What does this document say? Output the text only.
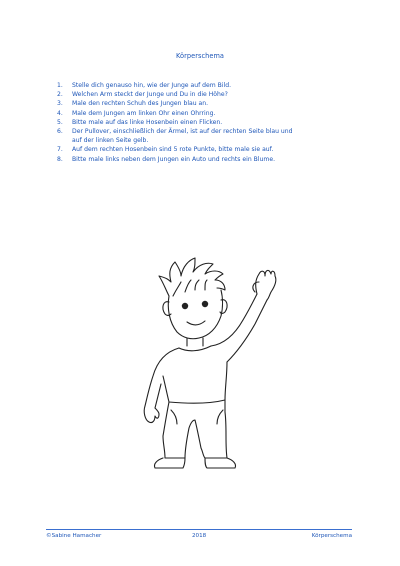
Körperschema
1.	Stelle dich genauso hin, wie der Junge auf dem Bild.
2.	Welchen Arm steckt der Junge und Du in die Höhe?
3.	Male den rechten Schuh des Jungen blau an.
4.	Male dem Jungen am linken Ohr einen Ohrring.
5.	Bitte male auf das linke Hosenbein einen Flicken.
6.	Der Pullover, einschließlich der Ärmel, ist auf der rechten Seite blau und
auf der linken Seite gelb.
7.	Auf dem rechten Hosenbein sind 5 rote Punkte, bitte male sie auf.
8.	Bitte male links neben dem Jungen ein Auto und rechts ein Blume.
©Sabine Hamacher	2018	Körperschema
